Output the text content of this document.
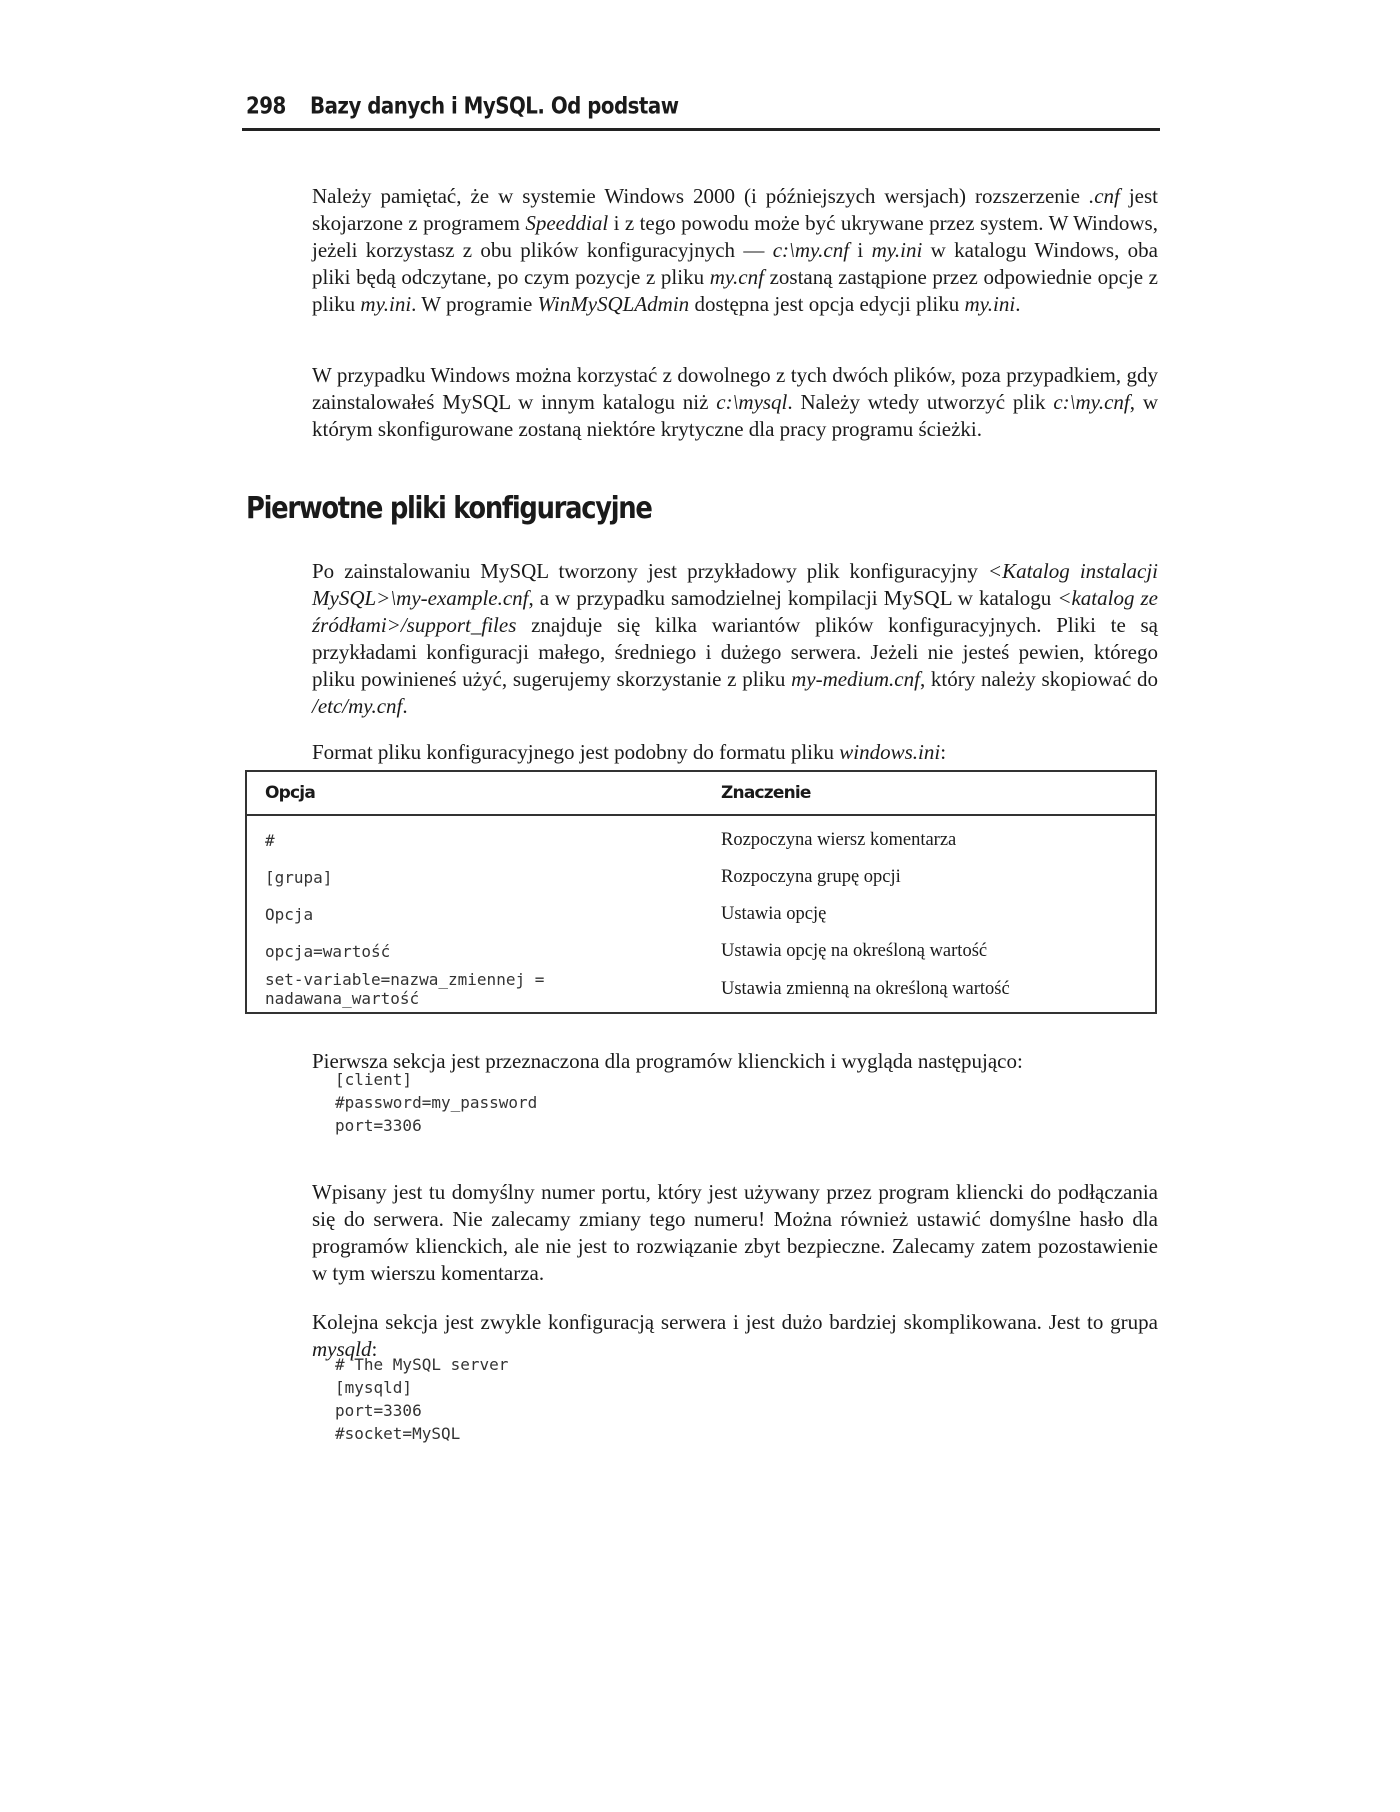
298 Bazy danych i MySQL. Od podstaw

Należy pamiętać, że w systemie Windows 2000 (i późniejszych wersjach) rozszerzenie .cnf jest skojarzone z programem Speeddial i z tego powodu może być ukrywane przez system. W Windows, jeżeli korzystasz z obu plików konfiguracyjnych — c:\my.cnf i my.ini w katalogu Windows, oba pliki będą odczytane, po czym pozycje z pliku my.cnf zostaną zastąpione przez odpowiednie opcje z pliku my.ini. W programie WinMySQLAdmin dostępna jest opcja edycji pliku my.ini.

W przypadku Windows można korzystać z dowolnego z tych dwóch plików, poza przypadkiem, gdy zainstalowałeś MySQL w innym katalogu niż c:\mysql. Należy wtedy utworzyć plik c:\my.cnf, w którym skonfigurowane zostaną niektóre krytyczne dla pracy programu ścieżki.

Pierwotne pliki konfiguracyjne

Po zainstalowaniu MySQL tworzony jest przykładowy plik konfiguracyjny <Katalog instalacji MySQL>\my-example.cnf, a w przypadku samodzielnej kompilacji MySQL w katalogu <katalog ze źródłami>/support_files znajduje się kilka wariantów plików konfiguracyjnych. Pliki te są przykładami konfiguracji małego, średniego i dużego serwera. Jeżeli nie jesteś pewien, którego pliku powinieneś użyć, sugerujemy skorzystanie z pliku my-medium.cnf, który należy skopiować do /etc/my.cnf.

Format pliku konfiguracyjnego jest podobny do formatu pliku windows.ini:

Opcja	Znaczenie
#	Rozpoczyna wiersz komentarza
[grupa]	Rozpoczyna grupę opcji
Opcja	Ustawia opcję
opcja=wartość	Ustawia opcję na określoną wartość
set-variable=nazwa_zmiennej = nadawana_wartość	Ustawia zmienną na określoną wartość

Pierwsza sekcja jest przeznaczona dla programów klienckich i wygląda następująco:

[client]
#password=my_password
port=3306

Wpisany jest tu domyślny numer portu, który jest używany przez program kliencki do podłączania się do serwera. Nie zalecamy zmiany tego numeru! Można również ustawić domyślne hasło dla programów klienckich, ale nie jest to rozwiązanie zbyt bezpieczne. Zalecamy zatem pozostawienie w tym wierszu komentarza.

Kolejna sekcja jest zwykle konfiguracją serwera i jest dużo bardziej skomplikowana. Jest to grupa mysqld:

# The MySQL server
[mysqld]
port=3306
#socket=MySQL
